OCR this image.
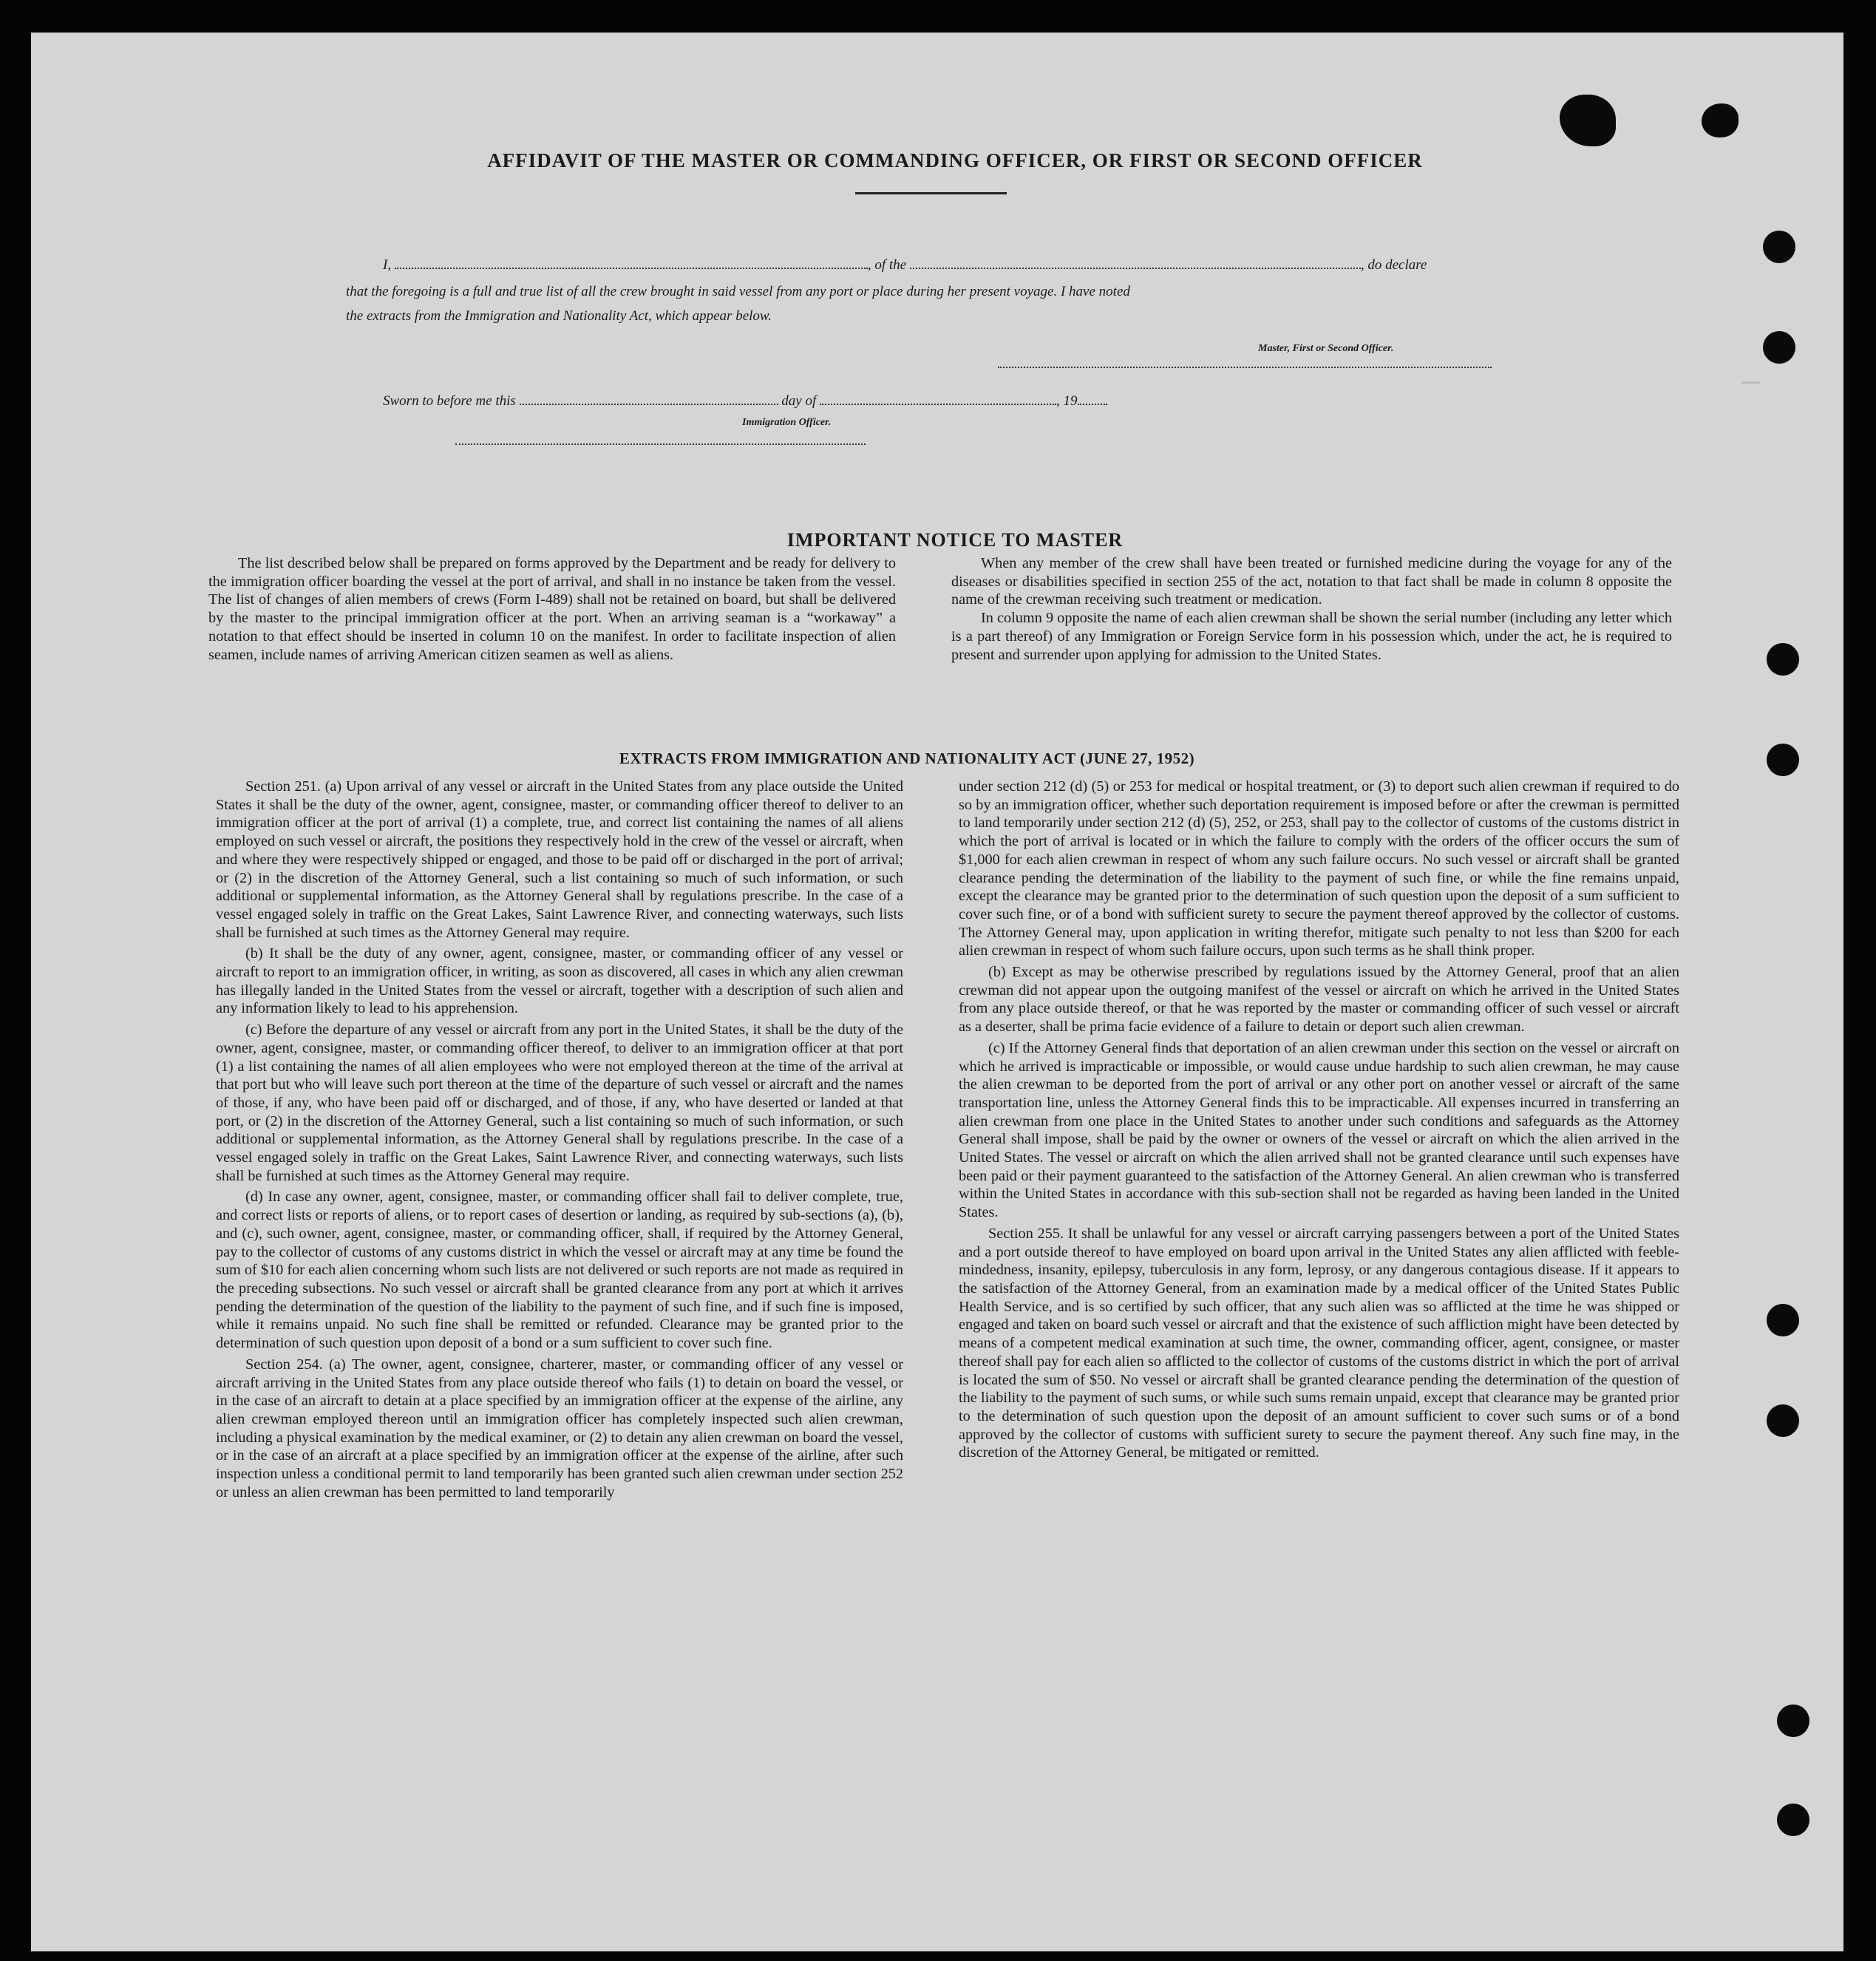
▔▔
AFFIDAVIT OF THE MASTER OR COMMANDING OFFICER, OR FIRST OR SECOND OFFICER
I,	, of the	, do declare
that the foregoing is a full and true list of all the crew brought in said vessel from any port or place during her present voyage. I have noted
the extracts from the Immigration and Nationality Act, which appear below.
Master, First or Second Officer.
Sworn to before me this	day of	, 19
Immigration Officer.
IMPORTANT NOTICE TO MASTER

The list described below shall be prepared on forms approved by the Department and be ready for delivery to the immigration officer boarding the vessel at the port of arrival, and shall in no instance be taken from the vessel. The list of changes of alien members of crews (Form I-489) shall not be retained on board, but shall be delivered by the master to the principal immigration officer at the port. When an arriving seaman is a “workaway” a notation to that effect should be inserted in column 10 on the manifest. In order to facilitate inspection of alien seamen, include names of arriving American citizen seamen as well as aliens.

When any member of the crew shall have been treated or furnished medicine during the voyage for any of the diseases or disabilities specified in section 255 of the act, notation to that fact shall be made in column 8 opposite the name of the crewman receiving such treatment or medication.

In column 9 opposite the name of each alien crewman shall be shown the serial number (including any letter which is a part thereof) of any Immigration or Foreign Service form in his possession which, under the act, he is required to present and surrender upon applying for admission to the United States.

EXTRACTS FROM IMMIGRATION AND NATIONALITY ACT (JUNE 27, 1952)

Section 251. (a) Upon arrival of any vessel or aircraft in the United States from any place outside the United States it shall be the duty of the owner, agent, consignee, master, or commanding officer thereof to deliver to an immigration officer at the port of arrival (1) a complete, true, and correct list containing the names of all aliens employed on such vessel or aircraft, the positions they respectively hold in the crew of the vessel or aircraft, when and where they were respectively shipped or engaged, and those to be paid off or discharged in the port of arrival; or (2) in the discretion of the Attorney General, such a list containing so much of such information, or such additional or supplemental information, as the Attorney General shall by regulations prescribe. In the case of a vessel engaged solely in traffic on the Great Lakes, Saint Lawrence River, and connecting waterways, such lists shall be furnished at such times as the Attorney General may require.

(b) It shall be the duty of any owner, agent, consignee, master, or commanding officer of any vessel or aircraft to report to an immigration officer, in writing, as soon as discovered, all cases in which any alien crewman has illegally landed in the United States from the vessel or aircraft, together with a description of such alien and any information likely to lead to his apprehension.

(c) Before the departure of any vessel or aircraft from any port in the United States, it shall be the duty of the owner, agent, consignee, master, or commanding officer thereof, to deliver to an immigration officer at that port (1) a list containing the names of all alien employees who were not employed thereon at the time of the arrival at that port but who will leave such port thereon at the time of the departure of such vessel or aircraft and the names of those, if any, who have been paid off or discharged, and of those, if any, who have deserted or landed at that port, or (2) in the discretion of the Attorney General, such a list containing so much of such information, or such additional or supplemental information, as the Attorney General shall by regulations prescribe. In the case of a vessel engaged solely in traffic on the Great Lakes, Saint Lawrence River, and connecting waterways, such lists shall be furnished at such times as the Attorney General may require.

(d) In case any owner, agent, consignee, master, or commanding officer shall fail to deliver complete, true, and correct lists or reports of aliens, or to report cases of desertion or landing, as required by sub-sections (a), (b), and (c), such owner, agent, consignee, master, or commanding officer, shall, if required by the Attorney General, pay to the collector of customs of any customs district in which the vessel or aircraft may at any time be found the sum of $10 for each alien concerning whom such lists are not delivered or such reports are not made as required in the preceding subsections. No such vessel or aircraft shall be granted clearance from any port at which it arrives pending the determination of the question of the liability to the payment of such fine, and if such fine is imposed, while it remains unpaid. No such fine shall be remitted or refunded. Clearance may be granted prior to the determination of such question upon deposit of a bond or a sum sufficient to cover such fine.

Section 254. (a) The owner, agent, consignee, charterer, master, or commanding officer of any vessel or aircraft arriving in the United States from any place outside thereof who fails (1) to detain on board the vessel, or in the case of an aircraft to detain at a place specified by an immigration officer at the expense of the airline, any alien crewman employed thereon until an immigration officer has completely inspected such alien crewman, including a physical examination by the medical examiner, or (2) to detain any alien crewman on board the vessel, or in the case of an aircraft at a place specified by an immigration officer at the expense of the airline, after such inspection unless a conditional permit to land temporarily has been granted such alien crewman under section 252 or unless an alien crewman has been permitted to land temporarily

under section 212 (d) (5) or 253 for medical or hospital treatment, or (3) to deport such alien crewman if required to do so by an immigration officer, whether such deportation requirement is imposed before or after the crewman is permitted to land temporarily under section 212 (d) (5), 252, or 253, shall pay to the collector of customs of the customs district in which the port of arrival is located or in which the failure to comply with the orders of the officer occurs the sum of $1,000 for each alien crewman in respect of whom any such failure occurs. No such vessel or aircraft shall be granted clearance pending the determination of the liability to the payment of such fine, or while the fine remains unpaid, except the clearance may be granted prior to the determination of such question upon the deposit of a sum sufficient to cover such fine, or of a bond with sufficient surety to secure the payment thereof approved by the collector of customs. The Attorney General may, upon application in writing therefor, mitigate such penalty to not less than $200 for each alien crewman in respect of whom such failure occurs, upon such terms as he shall think proper.

(b) Except as may be otherwise prescribed by regulations issued by the Attorney General, proof that an alien crewman did not appear upon the outgoing manifest of the vessel or aircraft on which he arrived in the United States from any place outside thereof, or that he was reported by the master or commanding officer of such vessel or aircraft as a deserter, shall be prima facie evidence of a failure to detain or deport such alien crewman.

(c) If the Attorney General finds that deportation of an alien crewman under this section on the vessel or aircraft on which he arrived is impracticable or impossible, or would cause undue hardship to such alien crewman, he may cause the alien crewman to be deported from the port of arrival or any other port on another vessel or aircraft of the same transportation line, unless the Attorney General finds this to be impracticable. All expenses incurred in transferring an alien crewman from one place in the United States to another under such conditions and safeguards as the Attorney General shall impose, shall be paid by the owner or owners of the vessel or aircraft on which the alien arrived in the United States. The vessel or aircraft on which the alien arrived shall not be granted clearance until such expenses have been paid or their payment guaranteed to the satisfaction of the Attorney General. An alien crewman who is transferred within the United States in accordance with this sub-section shall not be regarded as having been landed in the United States.

Section 255. It shall be unlawful for any vessel or aircraft carrying passengers between a port of the United States and a port outside thereof to have employed on board upon arrival in the United States any alien afflicted with feeble-mindedness, insanity, epilepsy, tuberculosis in any form, leprosy, or any dangerous contagious disease. If it appears to the satisfaction of the Attorney General, from an examination made by a medical officer of the United States Public Health Service, and is so certified by such officer, that any such alien was so afflicted at the time he was shipped or engaged and taken on board such vessel or aircraft and that the existence of such affliction might have been detected by means of a competent medical examination at such time, the owner, commanding officer, agent, consignee, or master thereof shall pay for each alien so afflicted to the collector of customs of the customs district in which the port of arrival is located the sum of $50. No vessel or aircraft shall be granted clearance pending the determination of the question of the liability to the payment of such sums, or while such sums remain unpaid, except that clearance may be granted prior to the determination of such question upon the deposit of an amount sufficient to cover such sums or of a bond approved by the collector of customs with sufficient surety to secure the payment thereof. Any such fine may, in the discretion of the Attorney General, be mitigated or remitted.
